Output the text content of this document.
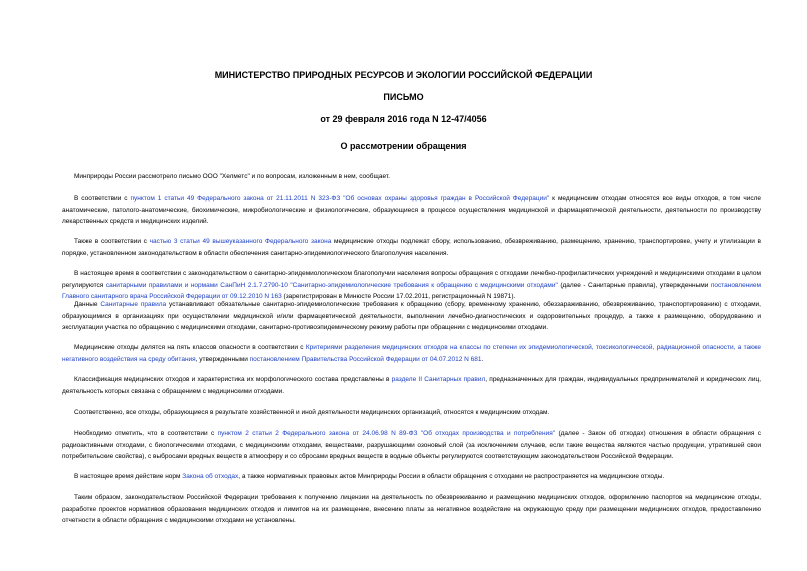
МИНИСТЕРСТВО ПРИРОДНЫХ РЕСУРСОВ И ЭКОЛОГИИ РОССИЙСКОЙ ФЕДЕРАЦИИ
ПИСЬМО
от 29 февраля 2016 года N 12-47/4056
О рассмотрении обращения

Минприроды России рассмотрело письмо ООО "Хелметс" и по вопросам, изложенным в нем, сообщает.

В соответствии с пунктом 1 статьи 49 Федерального закона от 21.11.2011 N 323-ФЗ "Об основах охраны здоровья граждан в Российской Федерации" к медицинским отходам относятся все виды отходов, в том числе анатомические, патолого-анатомические, биохимические, микробиологические и физиологические, образующиеся в процессе осуществления медицинской и фармацевтической деятельности, деятельности по производству лекарственных средств и медицинских изделий.

Также в соответствии с частью 3 статьи 49 вышеуказанного Федерального закона медицинские отходы подлежат сбору, использованию, обезвреживанию, размещению, хранению, транспортировке, учету и утилизации в порядке, установленном законодательством в области обеспечения санитарно-эпидемиологического благополучия населения.

В настоящее время в соответствии с законодательством о санитарно-эпидемиологическом благополучии населения вопросы обращения с отходами лечебно-профилактических учреждений и медицинскими отходами в целом регулируются санитарными правилами и нормами СанПиН 2.1.7.2790-10 "Санитарно-эпидемиологические требования к обращению с медицинскими отходами" (далее - Санитарные правила), утвержденными постановлением Главного санитарного врача Российской Федерации от 09.12.2010 N 163 (зарегистрирован в Минюсте России 17.02.2011, регистрационный N 19871).

Данные Санитарные правила устанавливают обязательные санитарно-эпидемиологические требования к обращению (сбору, временному хранению, обеззараживанию, обезвреживанию, транспортированию) с отходами, образующимися в организациях при осуществлении медицинской и/или фармацевтической деятельности, выполнении лечебно-диагностических и оздоровительных процедур, а также к размещению, оборудованию и эксплуатации участка по обращению с медицинскими отходами, санитарно-противоэпидемическому режиму работы при обращении с медицинскими отходами.

Медицинские отходы делятся на пять классов опасности в соответствии с Критериями разделения медицинских отходов на классы по степени их эпидемиологической, токсикологической, радиационной опасности, а также негативного воздействия на среду обитания, утвержденными постановлением Правительства Российской Федерации от 04.07.2012 N 681.

Классификация медицинских отходов и характеристика их морфологического состава представлены в разделе II Санитарных правил, предназначенных для граждан, индивидуальных предпринимателей и юридических лиц, деятельность которых связана с обращением с медицинскими отходами.

Соответственно, все отходы, образующиеся в результате хозяйственной и иной деятельности медицинских организаций, относятся к медицинским отходам.

Необходимо отметить, что в соответствии с пунктом 2 статьи 2 Федерального закона от 24.06.98 N 89-ФЗ "Об отходах производства и потребления" (далее - Закон об отходах) отношения в области обращения с радиоактивными отходами, с биологическими отходами, с медицинскими отходами, веществами, разрушающими озоновый слой (за исключением случаев, если такие вещества являются частью продукции, утратившей свои потребительские свойства), с выбросами вредных веществ в атмосферу и со сбросами вредных веществ в водные объекты регулируются соответствующим законодательством Российской Федерации.

В настоящее время действие норм Закона об отходах, а также нормативных правовых актов Минприроды России в области обращения с отходами не распространяется на медицинские отходы.

Таким образом, законодательством Российской Федерации требования к получению лицензии на деятельность по обезвреживанию и размещению медицинских отходов, оформлению паспортов на медицинские отходы, разработке проектов нормативов образования медицинских отходов и лимитов на их размещение, внесению платы за негативное воздействие на окружающую среду при размещении медицинских отходов, предоставлению отчетности в области обращения с медицинскими отходами не установлены.
